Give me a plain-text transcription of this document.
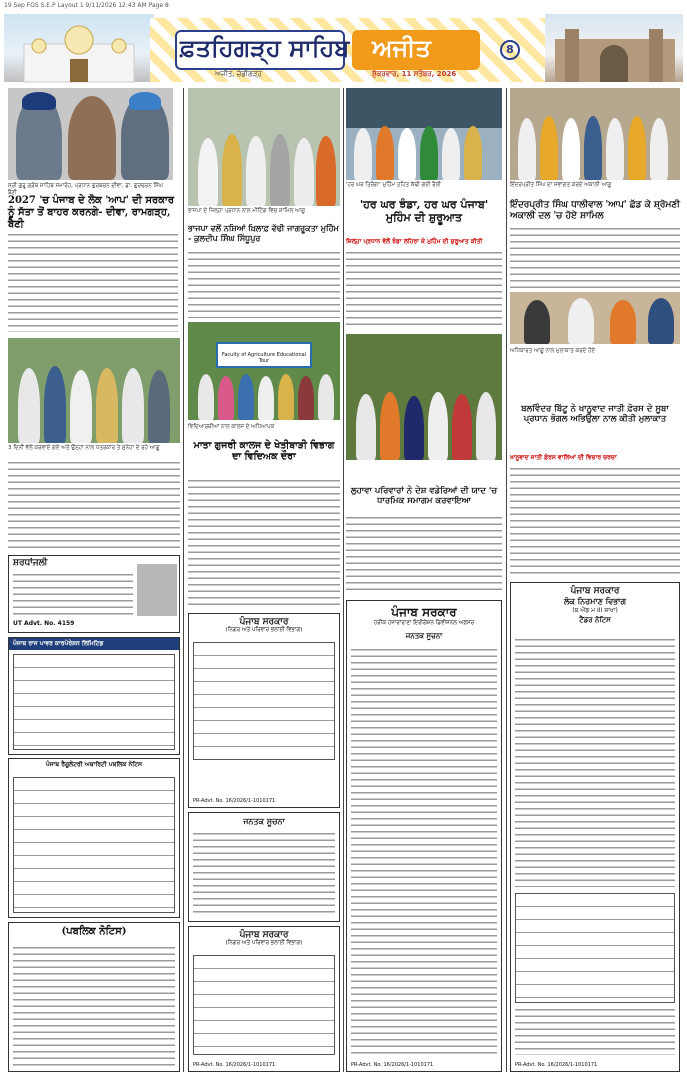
19 Sep FGS S.E.P Layout 1 9/11/2026 12:43 AM Page 8
ਫ਼ਤਹਿਗੜ੍ਹ ਸਾਹਿਬ ਅਜੀਤ
ਅਜੀਤ, ਚੰਡੀਗੜ੍ਹ	ਸ਼ੁੱਕਰਵਾਰ, 11 ਸਤੰਬਰ, 2026
8
ਸ੍ਰੀ ਗੁਰੂ ਗ੍ਰੰਥ ਸਾਹਿਬ ਸਮਾਰੋਹ, ਪ੍ਰਧਾਨ ਗੁਰਬਚਨ ਦੀਵਾ, ਡਾ. ਗੁਰਚਰਨ ਸਿੰਘ ਬੈਣੀ
2027 'ਚ ਪੰਜਾਬ ਦੇ ਲੋਕ 'ਆਪ' ਦੀ ਸਰਕਾਰ ਨੂੰ ਸੱਤਾ ਤੋਂ ਬਾਹਰ ਕਰਨਗੇ- ਦੀਵਾ, ਰਾਮਗੜ੍ਹ, ਬੈਣੀ
3 ਦਿਨੀਂ ਵੱਲੋਂ ਕਰਵਾਏ ਗਏ ਅਤੇ ਉਨ੍ਹਾਂ ਨਾਲ ਪੱਤਰਕਾਰ ਤੇ ਸੁਨੇਹਾ ਦੇ ਰਹੇ ਆਗੂ
ਸ਼ਰਧਾਂਜਲੀ
UT Advt. No. 4159
ਪੰਜਾਬ ਰਾਜ ਪਾਵਰ ਕਾਰਪੋਰੇਸ਼ਨ ਲਿਮਿਟਿਡ
ਪੰਜਾਬ ਰੈਗੂਲੇਟਰੀ ਅਥਾਰਿਟੀ ਪਬਲਿਕ ਨੋਟਿਸ
(ਪਬਲਿਕ ਨੋਟਿਸ)
ਭਾਜਪਾ ਦੇ ਜ਼ਿਲ੍ਹਾ ਪ੍ਰਧਾਨ ਨਾਲ ਮੀਟਿੰਗ ਵਿਚ ਸ਼ਾਮਿਲ ਆਗੂ
ਭਾਜਪਾ ਵਲੋਂ ਨਸ਼ਿਆਂ ਖ਼ਿਲਾਫ਼ ਵੱਢੀ ਜਾਗਰੂਕਤਾ ਮੁਹਿੰਮ - ਕੁਲਦੀਪ ਸਿੰਘ ਸਿੱਧੂਪੁਰ
Faculty of Agriculture Educational Tour
ਵਿਦਿਆਰਥੀਆਂ ਨਾਲ ਕਾਲਜ ਦੇ ਅਧਿਆਪਕ
ਮਾਤਾ ਗੁਜਰੀ ਕਾਲਜ ਦੇ ਖੇਤੀਬਾੜੀ ਵਿਭਾਗ ਦਾ ਵਿਦਿਅਕ ਦੌਰਾ
ਪੰਜਾਬ ਸਰਕਾਰ
(ਨਿਗਰ ਅਤੇ ਪਰਿਵਾਰ ਭਲਾਈ ਵਿਭਾਗ)
PR-Advt. No. 16/2026/1-1010171
ਜਨਤਕ ਸੂਚਨਾ
ਪੰਜਾਬ ਸਰਕਾਰ
(ਨਿਗਰ ਅਤੇ ਪਰਿਵਾਰ ਭਲਾਈ ਵਿਭਾਗ)
PR-Advt. No. 16/2026/1-1010171
'ਹਰ ਘਰ ਤਿਰੰਗਾ' ਮੁਹਿੰਮ ਤਹਿਤ ਕੱਢੀ ਗਈ ਰੈਲੀ
'ਹਰ ਘਰ ਝੰਡਾ, ਹਰ ਘਰ ਪੰਜਾਬ' ਮੁਹਿੰਮ ਦੀ ਸ਼ੁਰੂਆਤ
ਜ਼ਿਲ੍ਹਾ ਪ੍ਰਧਾਨ ਵੱਲੋਂ ਝੰਡਾ ਲਹਿਰਾ ਕੇ ਮੁਹਿੰਮ ਦੀ ਸ਼ੁਰੂਆਤ ਕੀਤੀ
ਲੁਹਾਵਾ ਪਰਿਵਾਰਾਂ ਨੇ ਦੇਸ਼ ਵਡੇਰਿਆਂ ਦੀ ਯਾਦ 'ਚ ਧਾਰਮਿਕ ਸਮਾਗਮ ਕਰਵਾਇਆ
ਪੰਜਾਬ ਸਰਕਾਰ
ਹਰੀਕ ਹਜ਼ਾਰਾਂਰਾਣਾ ਇਰੀਗੇਸ਼ਨ ਡਿਵੀਜ਼ਨਲ ਅਫ਼ਸਰ
ਜਨਤਕ ਸੂਚਨਾ
PR-Advt. No. 16/2026/1-1010171
ਇੰਦਰਪ੍ਰੀਤ ਸਿੰਘ ਦਾ ਸਵਾਗਤ ਕਰਦੇ ਅਕਾਲੀ ਆਗੂ
ਇੰਦਰਪ੍ਰੀਤ ਸਿੰਘ ਧਾਲੀਵਾਲ 'ਆਪ' ਛੱਡ ਕੇ ਸ਼੍ਰੋਮਣੀ ਅਕਾਲੀ ਦਲ 'ਚ ਹੋਏ ਸ਼ਾਮਿਲ
ਅਧਿਕਾਰਤ ਆਗੂ ਨਾਲ ਮੁਲਾਕਾਤ ਕਰਦੇ ਹੋਏ
ਬਲਵਿੰਦਰ ਬਿੱਟੂ ਨੇ ਖਾਨੂਵਾਦ ਜਾਤੀ ਫ਼ੋਰਸ ਦੇ ਸੂਬਾ ਪ੍ਰਧਾਨ ਭੋਗਲ ਅਭਿਉਲਾ ਨਾਲ ਕੀਤੀ ਮੁਲਾਕਾਤ
ਖਾਨੂਵਾਦ ਜਾਤੀ ਫ਼ੋਰਸ ਵਾਲਿਆਂ ਦੀ ਵਿਚਾਰ ਚਰਚਾ
ਪੰਜਾਬ ਸਰਕਾਰ
ਲੋਕ ਨਿਰਮਾਣ ਵਿਭਾਗ
(ਬ ਐਂਡ ਮ III ਸ਼ਾਖਾ)
ਟੈਂਡਰ ਨੋਟਿਸ
PR-Advt. No. 16/2026/1-1010171
